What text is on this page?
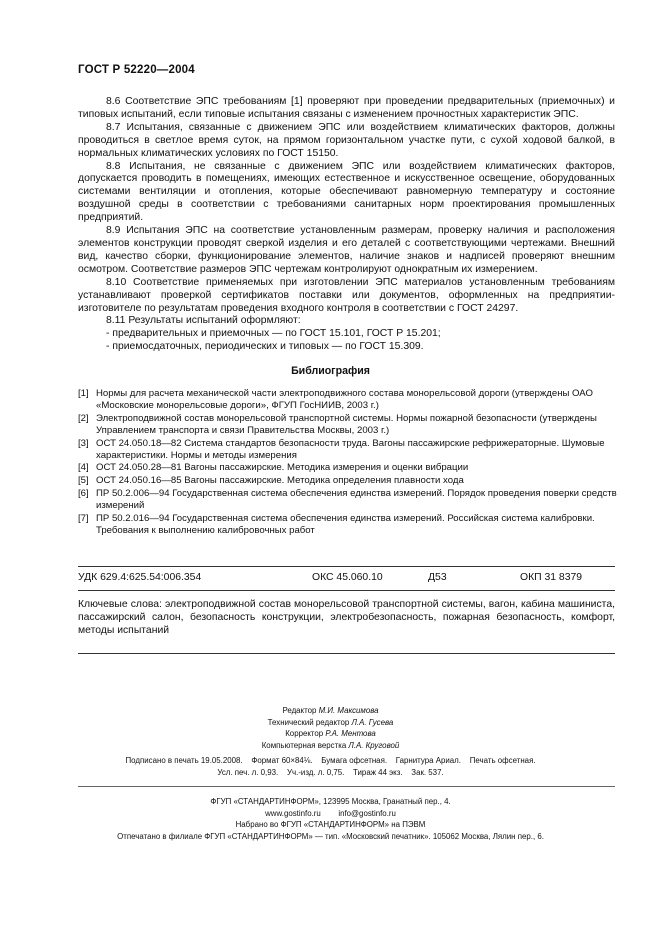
ГОСТ Р 52220—2004

8.6 Соответствие ЭПС требованиям [1] проверяют при проведении предварительных (приемочных) и типовых испытаний, если типовые испытания связаны с изменением прочностных характеристик ЭПС.

8.7 Испытания, связанные с движением ЭПС или воздействием климатических факторов, должны проводиться в светлое время суток, на прямом горизонтальном участке пути, с сухой ходовой балкой, в нормальных климатических условиях по ГОСТ 15150.

8.8 Испытания, не связанные с движением ЭПС или воздействием климатических факторов, допускается проводить в помещениях, имеющих естественное и искусственное освещение, оборудованных системами вентиляции и отопления, которые обеспечивают равномерную температуру и состояние воздушной среды в соответствии с требованиями санитарных норм проектирования промышленных предприятий.

8.9 Испытания ЭПС на соответствие установленным размерам, проверку наличия и расположения элементов конструкции проводят сверкой изделия и его деталей с соответствующими чертежами. Внешний вид, качество сборки, функционирование элементов, наличие знаков и надписей проверяют внешним осмотром. Соответствие размеров ЭПС чертежам контролируют однократным их измерением.

8.10 Соответствие применяемых при изготовлении ЭПС материалов установленным требованиям устанавливают проверкой сертификатов поставки или документов, оформленных на предприятии-изготовителе по результатам проведения входного контроля в соответствии с ГОСТ 24297.

8.11 Результаты испытаний оформляют:

- предварительных и приемочных — по ГОСТ 15.101, ГОСТ Р 15.201;

- приемосдаточных, периодических и типовых — по ГОСТ 15.309.

Библиография
[1] Нормы для расчета механической части электроподвижного состава монорельсовой дороги (утверждены ОАО «Московские монорельсовые дороги», ФГУП ГосНИИВ, 2003 г.)
[2] Электроподвижной состав монорельсовой транспортной системы. Нормы пожарной безопасности (утверждены Управлением транспорта и связи Правительства Москвы, 2003 г.)
[3] ОСТ 24.050.18—82 Система стандартов безопасности труда. Вагоны пассажирские рефрижераторные. Шумовые характеристики. Нормы и методы измерения
[4] ОСТ 24.050.28—81 Вагоны пассажирские. Методика измерения и оценки вибрации
[5] ОСТ 24.050.16—85 Вагоны пассажирские. Методика определения плавности хода
[6] ПР 50.2.006—94 Государственная система обеспечения единства измерений. Порядок проведения поверки средств измерений
[7] ПР 50.2.016—94 Государственная система обеспечения единства измерений. Российская система калибровки. Требования к выполнению калибровочных работ
УДК 629.4:625.54:006.354	ОКС 45.060.10	Д53	ОКП 31 8379
Ключевые слова: электроподвижной состав монорельсовой транспортной системы, вагон, кабина машиниста, пассажирский салон, безопасность конструкции, электробезопасность, пожарная безопасность, комфорт, методы испытаний
Редактор М.И. Максимова
Технический редактор Л.А. Гусева
Корректор Р.А. Ментова
Компьютерная верстка Л.А. Круговой
Подписано в печать 19.05.2008.    Формат 60×84⅛.    Бумага офсетная.    Гарнитура Ариал.    Печать офсетная.
Усл. печ. л. 0,93.    Уч.-изд. л. 0,75.    Тираж 44 экз.    Зак. 537.
ФГУП «СТАНДАРТИНФОРМ», 123995 Москва, Гранатный пер., 4.
www.gostinfo.ru        info@gostinfo.ru
Набрано во ФГУП «СТАНДАРТИНФОРМ» на ПЭВМ
Отпечатано в филиале ФГУП «СТАНДАРТИНФОРМ» — тип. «Московский печатник». 105062 Москва, Лялин пер., 6.
